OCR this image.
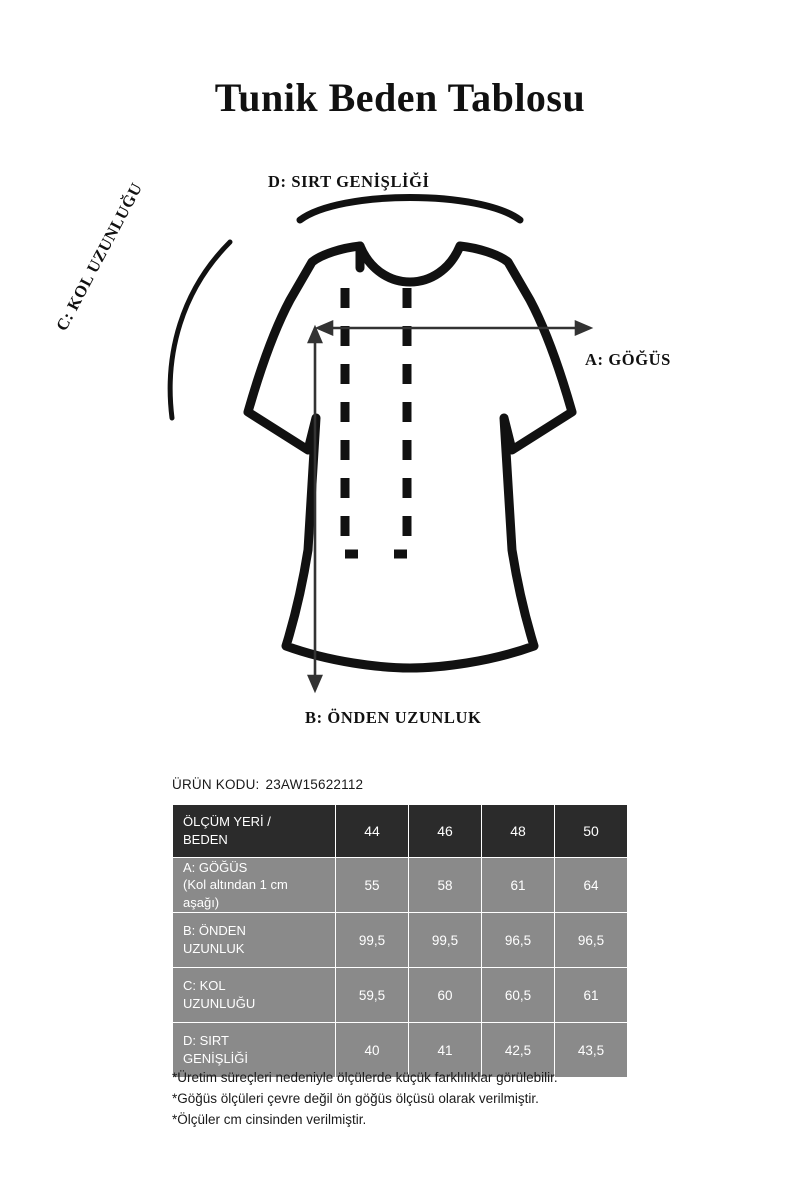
Tunik Beden Tablosu
D: SIRT GENİŞLİĞİ
A: GÖĞÜS
B: ÖNDEN UZUNLUK
C: KOL UZUNLUĞU
ÜRÜN KODU: 23AW15622112
ÖLÇÜM YERİ /
BEDEN	44	46	48	50

A: GÖĞÜS
(Kol altından 1 cm
aşağı)	55	58	61	64

B: ÖNDEN
UZUNLUK	99,5	99,5	96,5	96,5

C: KOL
UZUNLUĞU	59,5	60	60,5	61

D: SIRT
GENİŞLİĞİ	40	41	42,5	43,5
*Üretim süreçleri nedeniyle ölçülerde küçük farklılıklar görülebilir.
*Göğüs ölçüleri çevre değil ön göğüs ölçüsü olarak verilmiştir.
*Ölçüler cm cinsinden verilmiştir.
